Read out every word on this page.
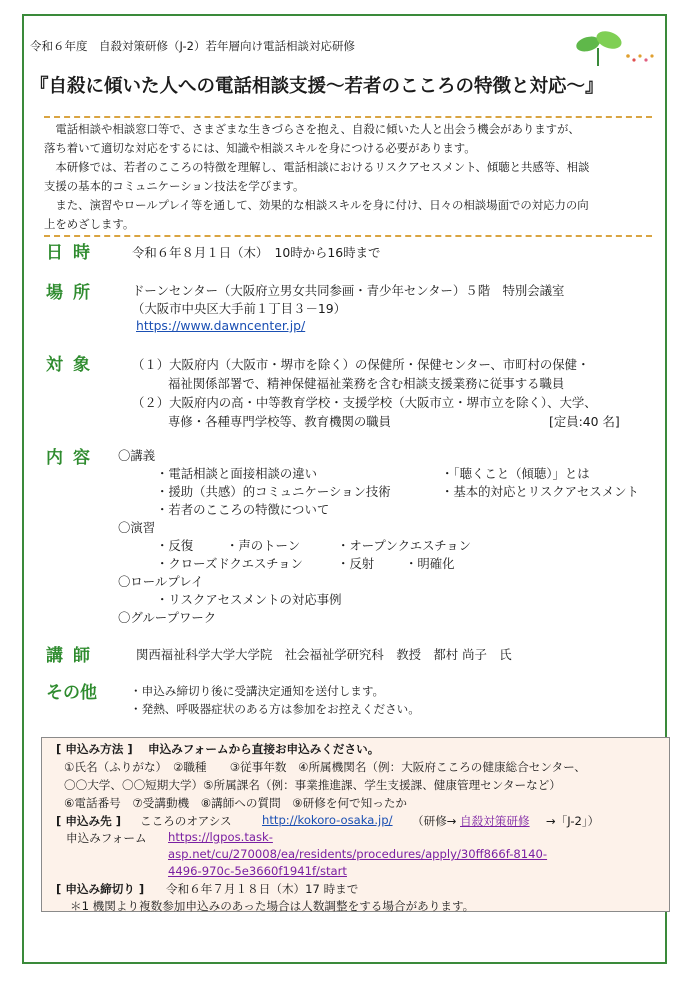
令和６年度　自殺対策研修（J-2）若年層向け電話相談対応研修
『自殺に傾いた人への電話相談支援～若者のこころの特徴と対応～』
　電話相談や相談窓口等で、さまざまな生きづらさを抱え、自殺に傾いた人と出会う機会がありますが、
落ち着いて適切な対応をするには、知識や相談スキルを身につける必要があります。
　本研修では、若者のこころの特徴を理解し、電話相談におけるリスクアセスメント、傾聴と共感等、相談
支援の基本的コミュニケーション技法を学びます。
　また、演習やロールプレイ等を通して、効果的な相談スキルを身に付け、日々の相談場面での対応力の向
上をめざします。
日時	令和６年８月１日（木）　10時から16時まで
場所	ドーンセンター（大阪府立男女共同参画・青少年センター）５階　特別会議室
（大阪市中央区大手前１丁目３－19）
https://www.dawncenter.jp/
対象	（１）大阪府内（大阪市・堺市を除く）の保健所・保健センター、市町村の保健・
福祉関係部署で、精神保健福祉業務を含む相談支援業務に従事する職員
（２）大阪府内の高・中等教育学校・支援学校（大阪市立・堺市立を除く）、大学、
専修・各種専門学校等、教育機関の職員	[定員:40 名]
内容 〇講義
・電話相談と面接相談の違い	・「聴くこと（傾聴）」とは
・援助（共感）的コミュニケーション技術	・基本的対応とリスクアセスメント
・若者のこころの特徴について
〇演習
・反復	・声のトーン	・オープンクエスチョン
・クローズドクエスチョン	・反射 ・明確化
〇ロールプレイ
・リスクアセスメントの対応事例
〇グループワーク
講師	関西福祉科学大学大学院　社会福祉学研究科　教授　都村 尚子　氏
その他	・申込み締切り後に受講決定通知を送付します。
・発熱、呼吸器症状のある方は参加をお控えください。
[ 申込み方法 ] 申込みフォームから直接お申込みください。
①氏名（ふりがな）　②職種　　③従事年数　④所属機関名（例：大阪府こころの健康総合センター、
〇〇大学、〇〇短期大学）⑤所属課名（例：事業推進課、学生支援課、健康管理センターなど）
⑥電話番号　⑦受講動機　⑧講師への質問　⑨研修を何で知ったか
[ 申込み先 ] こころのオアシス	http://kokoro-osaka.jp/ （研修→ 自殺対策研修 →「J-2」）
申込みフォーム https://lgpos.task-
asp.net/cu/270008/ea/residents/procedures/apply/30ff866f-8140-
4496-970c-5e3660f1941f/start
[ 申込み締切り ] 令和６年７月１８日（木）17 時まで
＊1 機関より複数参加申込みのあった場合は人数調整をする場合があります。
